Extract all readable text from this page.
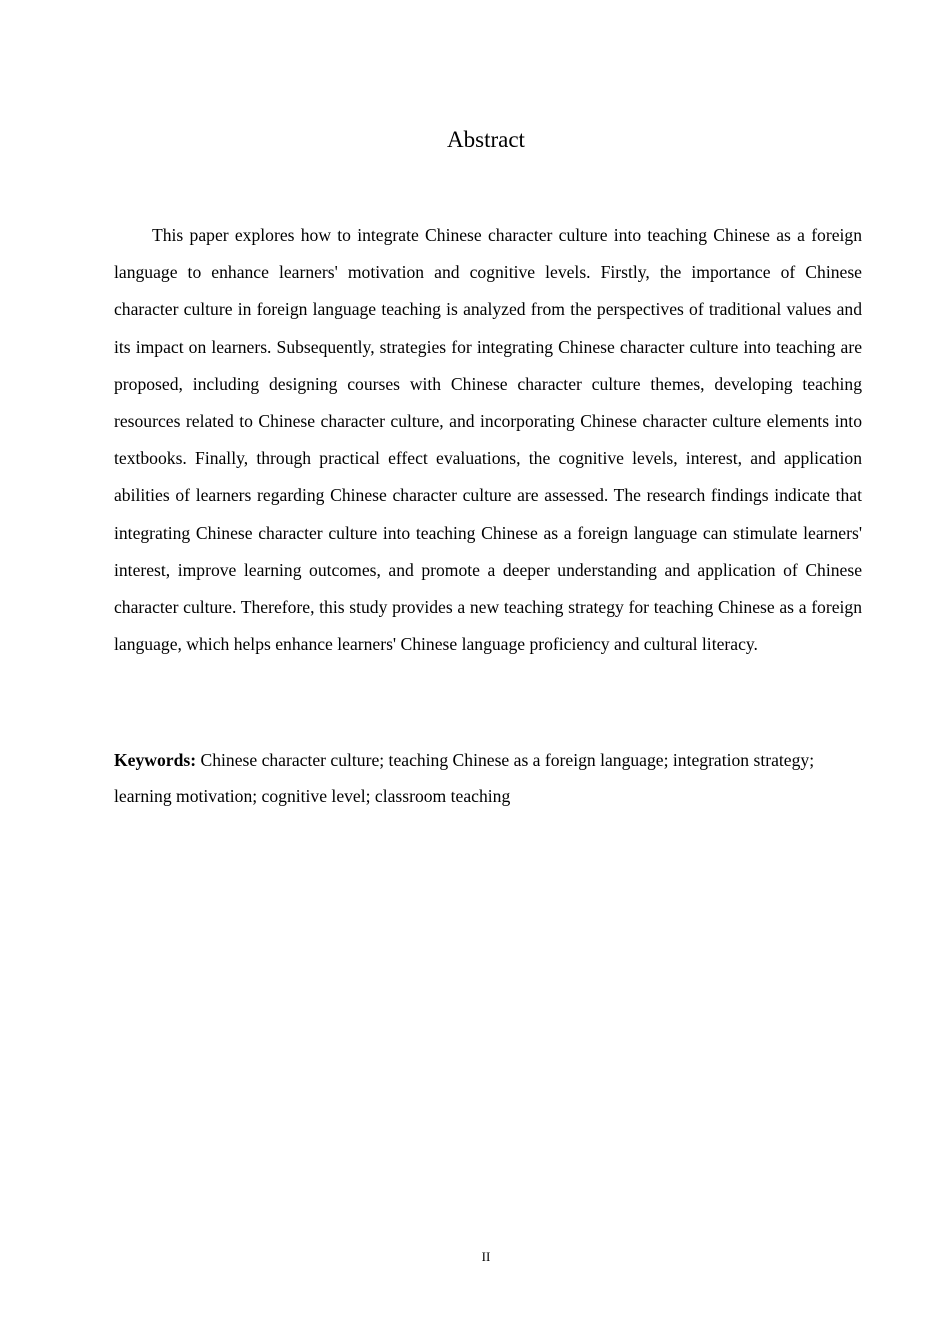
Abstract

This paper explores how to integrate Chinese character culture into teaching Chinese as a foreign language to enhance learners' motivation and cognitive levels. Firstly, the importance of Chinese character culture in foreign language teaching is analyzed from the perspectives of traditional values and its impact on learners. Subsequently, strategies for integrating Chinese character culture into teaching are proposed, including designing courses with Chinese character culture themes, developing teaching resources related to Chinese character culture, and incorporating Chinese character culture elements into textbooks. Finally, through practical effect evaluations, the cognitive levels, interest, and application abilities of learners regarding Chinese character culture are assessed. The research findings indicate that integrating Chinese character culture into teaching Chinese as a foreign language can stimulate learners' interest, improve learning outcomes, and promote a deeper understanding and application of Chinese character culture. Therefore, this study provides a new teaching strategy for teaching Chinese as a foreign language, which helps enhance learners' Chinese language proficiency and cultural literacy.

Keywords: Chinese character culture; teaching Chinese as a foreign language; integration strategy; learning motivation; cognitive level; classroom teaching

II
